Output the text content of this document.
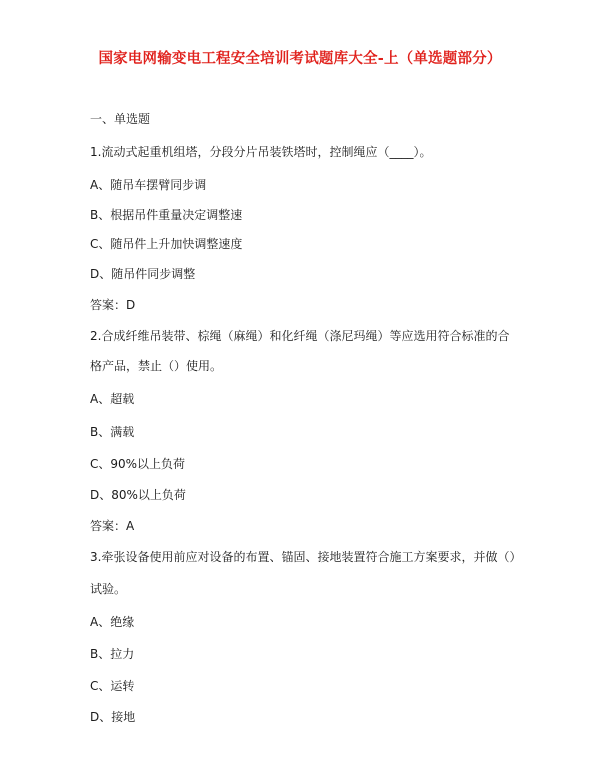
国家电网输变电工程安全培训考试题库大全-上（单选题部分）
一、单选题
1.流动式起重机组塔，分段分片吊装铁塔时，控制绳应（____）。
A、随吊车摆臂同步调
B、根据吊件重量决定调整速
C、随吊件上升加快调整速度
D、随吊件同步调整
答案：D
2.合成纤维吊装带、棕绳（麻绳）和化纤绳（涤尼玛绳）等应选用符合标准的合
格产品，禁止（）使用。
A、超载
B、满载
C、90%以上负荷
D、80%以上负荷
答案：A
3.牵张设备使用前应对设备的布置、锚固、接地装置符合施工方案要求，并做（）
试验。
A、绝缘
B、拉力
C、运转
D、接地
